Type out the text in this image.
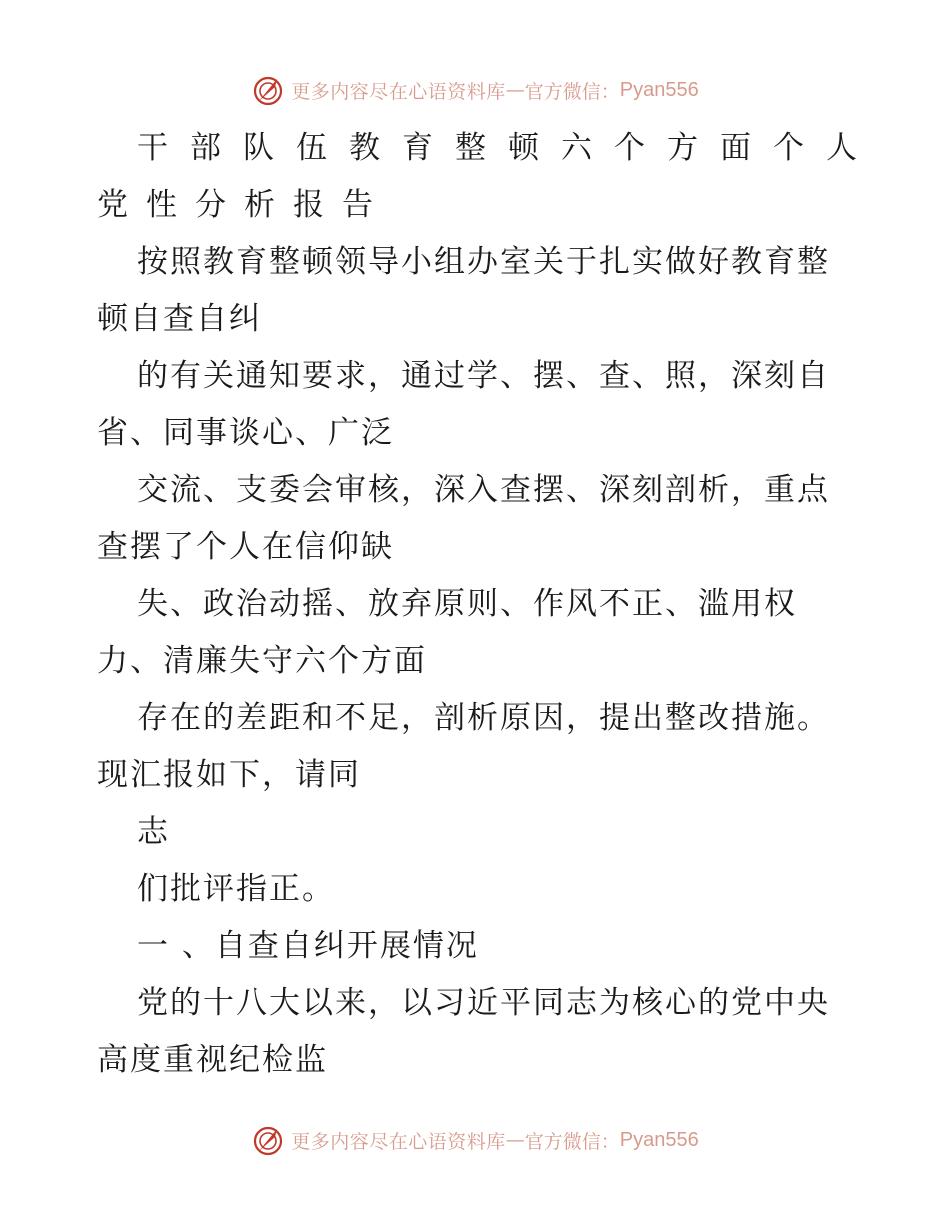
更多内容尽在心语资料库 — 官方微信： Pyan556
干部队伍教育整顿六个方面个人
党性分析报告
按照教育整顿领导小组办室关于扎实做好教育整
顿自查自纠
的有关通知要求，通过学、摆、查、照，深刻自
省、同事谈心、广泛
交流、支委会审核，深入查摆、深刻剖析，重点
查摆了个人在信仰缺
失、政治动摇、放弃原则、作风不正、滥用权
力、清廉失守六个方面
存在的差距和不足，剖析原因，提出整改措施。
现汇报如下，请同
志
们批评指正。
一 、自查自纠开展情况
党的十八大以来，以习近平同志为核心的党中央
高度重视纪检监
更多内容尽在心语资料库 — 官方微信： Pyan556
